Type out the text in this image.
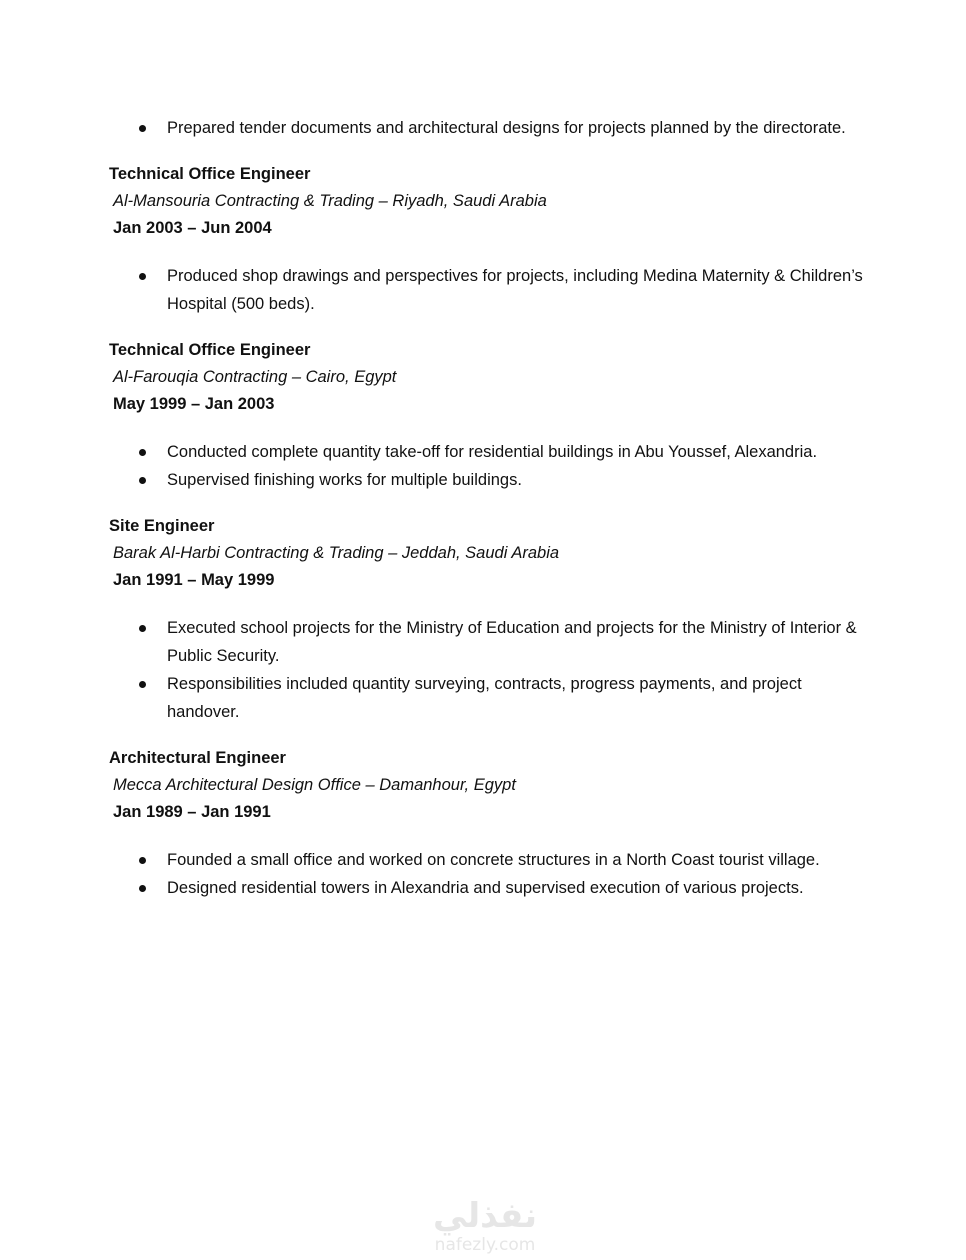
Prepared tender documents and architectural designs for projects planned by the directorate.
Technical Office Engineer
Al-Mansouria Contracting & Trading – Riyadh, Saudi Arabia
Jan 2003 – Jun 2004
Produced shop drawings and perspectives for projects, including Medina Maternity & Children’s Hospital (500 beds).
Technical Office Engineer
Al-Farouqia Contracting – Cairo, Egypt
May 1999 – Jan 2003
Conducted complete quantity take-off for residential buildings in Abu Youssef, Alexandria.
Supervised finishing works for multiple buildings.
Site Engineer
Barak Al-Harbi Contracting & Trading – Jeddah, Saudi Arabia
Jan 1991 – May 1999
Executed school projects for the Ministry of Education and projects for the Ministry of Interior & Public Security.
Responsibilities included quantity surveying, contracts, progress payments, and project handover.
Architectural Engineer
Mecca Architectural Design Office – Damanhour, Egypt
Jan 1989 – Jan 1991
Founded a small office and worked on concrete structures in a North Coast tourist village.
Designed residential towers in Alexandria and supervised execution of various projects.
نفذلي
nafezly.com
